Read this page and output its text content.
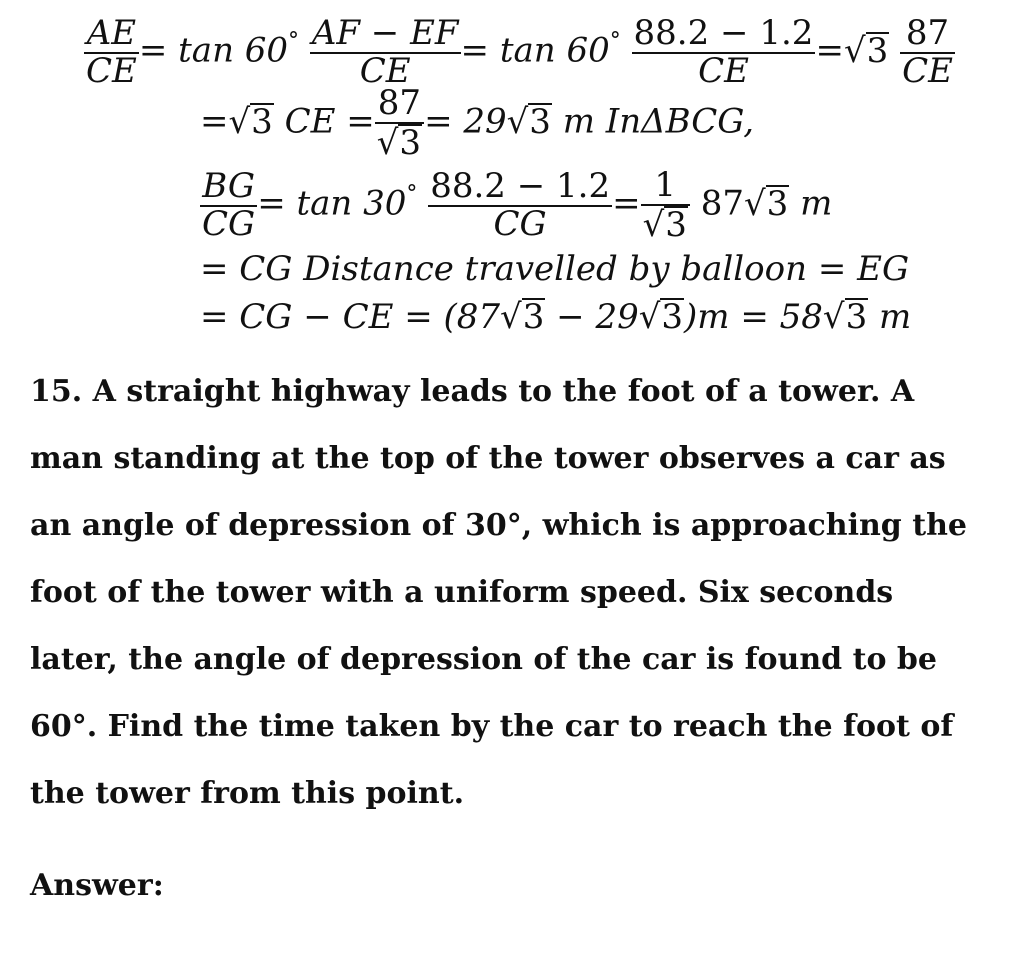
$\frac{AE}{CE} = \tan 60^\circ \frac{AF - EF}{CE} = \tan 60^\circ \frac{88.2 - 1.2}{CE} =√3 \frac{87}{CE}$
=√3 CE = $\frac{87}{√3} = 29√3$ m InΔBCG,
$\frac{BG}{CG} = \tan 30^\circ \frac{88.2 - 1.2}{CG} = \frac{1}{√3} 87√3$ m
= CG Distance travelled by balloon = EG
= CG − CE = (87√3 − 29√3)m = 58√3 m

15. A straight highway leads to the foot of a tower. A

man standing at the top of the tower observes a car as

an angle of depression of 30°, which is approaching the

foot of the tower with a uniform speed. Six seconds

later, the angle of depression of the car is found to be

60°. Find the time taken by the car to reach the foot of

the tower from this point.

Answer:
